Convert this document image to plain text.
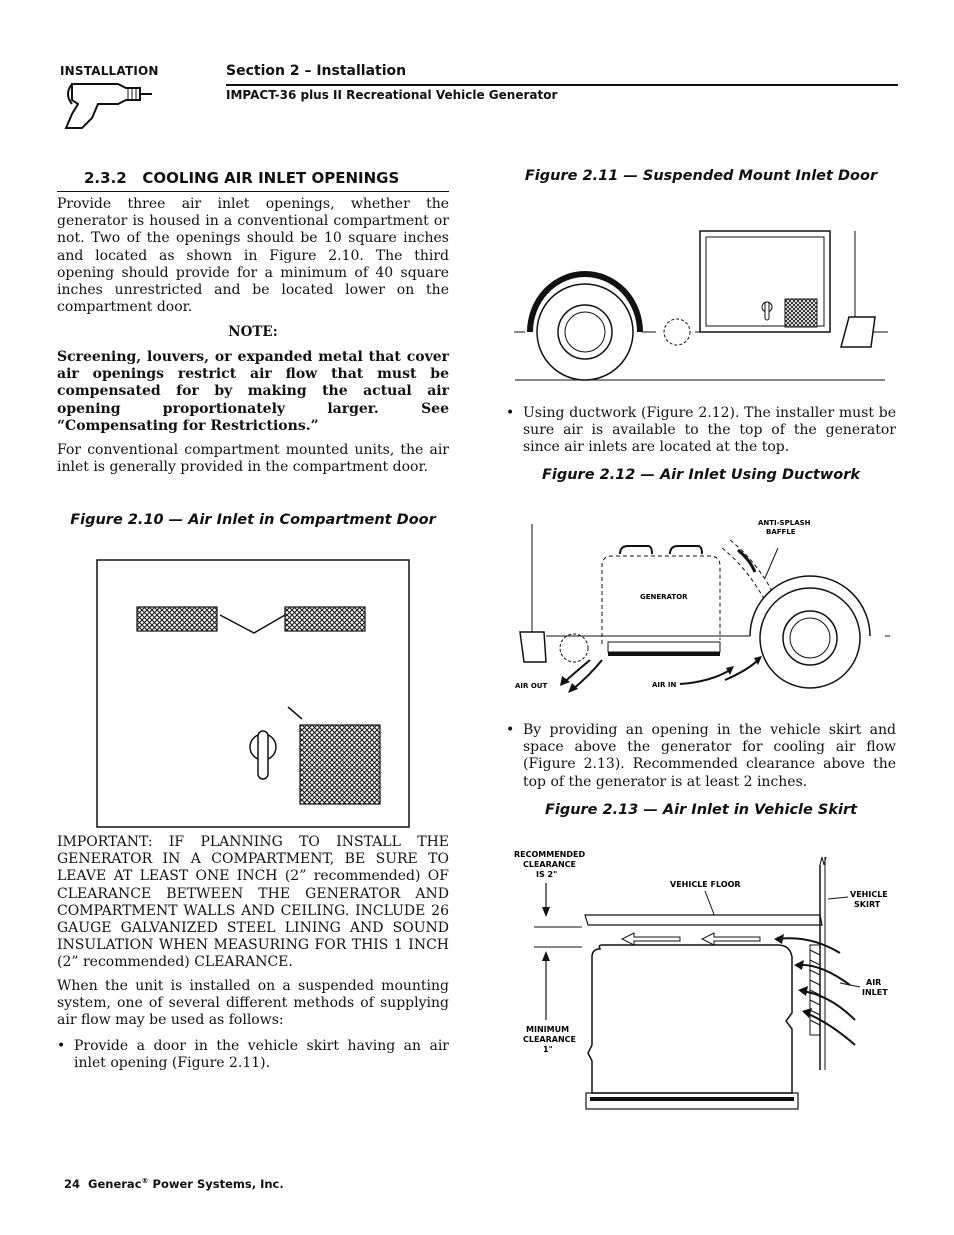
INSTALLATION	Section 2 – Installation
IMPACT-36 plus II Recreational Vehicle Generator
2.3.2   COOLING AIR INLET OPENINGS

Provide three air inlet openings, whether the generator is housed in a conventional compartment or not. Two of the openings should be 10 square inches and located as shown in Figure 2.10. The third opening should provide for a minimum of 40 square inches unrestricted and be located lower on the compartment door.

NOTE:

Screening, louvers, or expanded metal that cover air openings restrict air flow that must be compensated for by making the actual air opening proportionately larger. See “Compensating for Restrictions.”

For conventional compartment mounted units, the air inlet is generally provided in the compartment door.

Figure 2.10 — Air Inlet in Compartment Door

IMPORTANT: IF PLANNING TO INSTALL THE GENERATOR IN A COMPARTMENT, BE SURE TO LEAVE AT LEAST ONE INCH (2” recommended) OF CLEARANCE BETWEEN THE GENERATOR AND COMPARTMENT WALLS AND CEILING. INCLUDE 26 GAUGE GALVANIZED STEEL LINING AND SOUND INSULATION WHEN MEASURING FOR THIS 1 INCH (2” recommended) CLEARANCE.

When the unit is installed on a suspended mounting system, one of several different methods of supplying air flow may be used as follows:

• Provide a door in the vehicle skirt having an air inlet opening (Figure 2.11).
Figure 2.11 — Suspended Mount Inlet Door
• Using ductwork (Figure 2.12). The installer must be sure air is available to the top of the generator since air inlets are located at the top.
Figure 2.12 — Air Inlet Using Ductwork
GENERATOR
ANTI-SPLASH
BAFFLE
AIR OUT	AIR IN
• By providing an opening in the vehicle skirt and space above the generator for cooling air flow (Figure 2.13). Recommended clearance above the top of the generator is at least 2 inches.
Figure 2.13 — Air Inlet in Vehicle Skirt
RECOMMENDED
CLEARANCE
IS 2"
MINIMUM
CLEARANCE
1"
VEHICLE FLOOR
VEHICLE
SKIRT
AIR
INLET
24 Generac® Power Systems, Inc.
